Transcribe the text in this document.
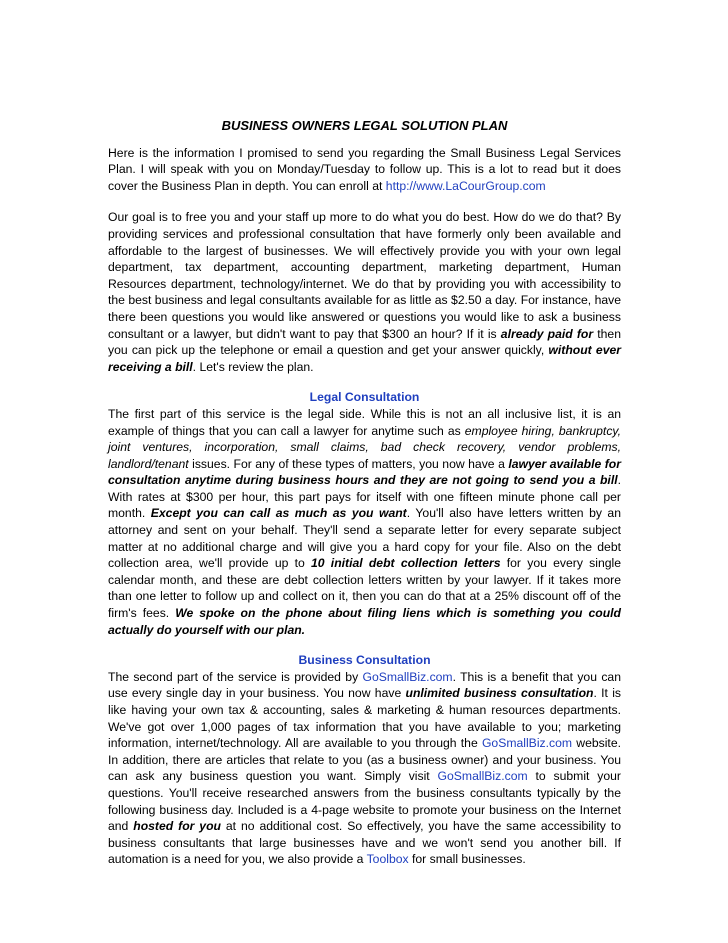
BUSINESS OWNERS LEGAL SOLUTION PLAN

Here is the information I promised to send you regarding the Small Business Legal Services Plan. I will speak with you on Monday/Tuesday to follow up. This is a lot to read but it does cover the Business Plan in depth. You can enroll at http://www.LaCourGroup.com

Our goal is to free you and your staff up more to do what you do best. How do we do that? By providing services and professional consultation that have formerly only been available and affordable to the largest of businesses. We will effectively provide you with your own legal department, tax department, accounting department, marketing department, Human Resources department, technology/internet. We do that by providing you with accessibility to the best business and legal consultants available for as little as $2.50 a day. For instance, have there been questions you would like answered or questions you would like to ask a business consultant or a lawyer, but didn't want to pay that $300 an hour? If it is already paid for then you can pick up the telephone or email a question and get your answer quickly, without ever receiving a bill. Let's review the plan.

Legal Consultation

The first part of this service is the legal side. While this is not an all inclusive list, it is an example of things that you can call a lawyer for anytime such as employee hiring, bankruptcy, joint ventures, incorporation, small claims, bad check recovery, vendor problems, landlord/tenant issues. For any of these types of matters, you now have a lawyer available for consultation anytime during business hours and they are not going to send you a bill. With rates at $300 per hour, this part pays for itself with one fifteen minute phone call per month. Except you can call as much as you want. You'll also have letters written by an attorney and sent on your behalf. They'll send a separate letter for every separate subject matter at no additional charge and will give you a hard copy for your file. Also on the debt collection area, we'll provide up to 10 initial debt collection letters for you every single calendar month, and these are debt collection letters written by your lawyer. If it takes more than one letter to follow up and collect on it, then you can do that at a 25% discount off of the firm's fees. We spoke on the phone about filing liens which is something you could actually do yourself with our plan.

Business Consultation

The second part of the service is provided by GoSmallBiz.com. This is a benefit that you can use every single day in your business. You now have unlimited business consultation. It is like having your own tax & accounting, sales & marketing & human resources departments. We've got over 1,000 pages of tax information that you have available to you; marketing information, internet/technology. All are available to you through the GoSmallBiz.com website. In addition, there are articles that relate to you (as a business owner) and your business. You can ask any business question you want. Simply visit GoSmallBiz.com to submit your questions. You'll receive researched answers from the business consultants typically by the following business day. Included is a 4-page website to promote your business on the Internet and hosted for you at no additional cost. So effectively, you have the same accessibility to business consultants that large businesses have and we won't send you another bill. If automation is a need for you, we also provide a Toolbox for small businesses.
